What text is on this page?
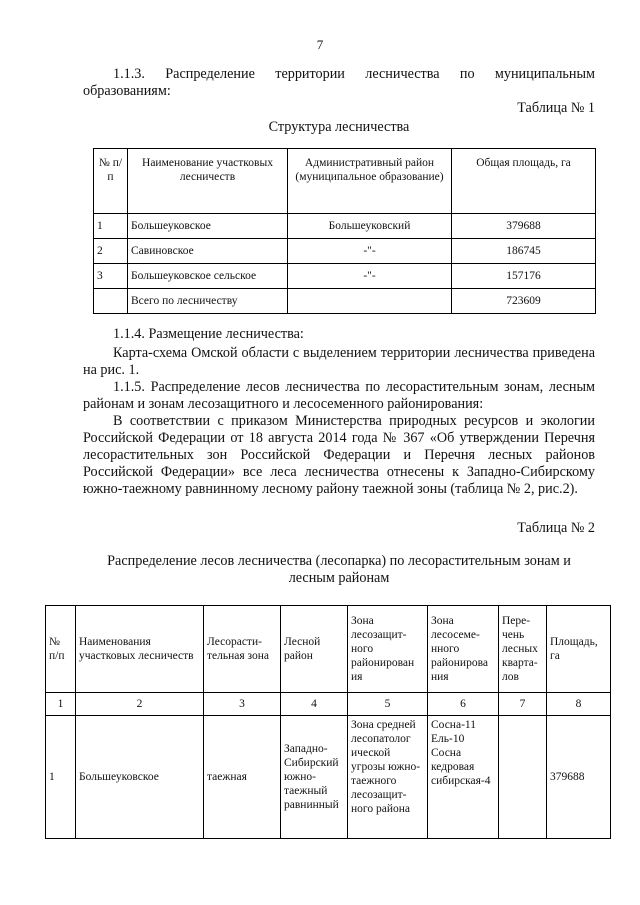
7
1.1.3. Распределение территории лесничества по муниципальным образованиям:
Таблица № 1
Структура лесничества
№ п/п	Наименование участковых лесничеств	Административный район (муниципальное образование)	Общая площадь, га
1	Большеуковское	Большеуковский	379688
2	Савиновское	-"-	186745
3	Большеуковское сельское	-"-	157176
	Всего по лесничеству		723609
1.1.4. Размещение лесничества:
Карта-схема Омской области с выделением территории лесничества приведена на рис. 1.
1.1.5. Распределение лесов лесничества по лесорастительным зонам, лесным районам и зонам лесозащитного и лесосеменного районирования:
В соответствии с приказом Министерства природных ресурсов и экологии Российской Федерации от 18 августа 2014 года № 367 «Об утверждении Перечня лесорастительных зон Российской Федерации и Перечня лесных районов Российской Федерации» все леса лесничества отнесены к Западно-Сибирскому южно-таежному равнинному лесному району таежной зоны (таблица № 2, рис.2).
Таблица № 2
Распределение лесов лесничества (лесопарка) по лесорастительным зонам и лесным районам
№ п/п	Наименования участковых лесничеств	Лесорасти-тельная зона	Лесной район	Зона лесозащит-ного районирован ия	Зона лесосеме-нного районирова ния	Пере-чень лесных кварта-лов	Площадь, га
1	2	3	4	5	6	7	8
1	Большеуковское	таежная	Западно-Сибирский южно-таежный равнинный	Зона средней лесопатолог ической угрозы южно-таежного лесозащит-ного района	Сосна-11 Ель-10 Сосна кедровая сибирская-4		379688
